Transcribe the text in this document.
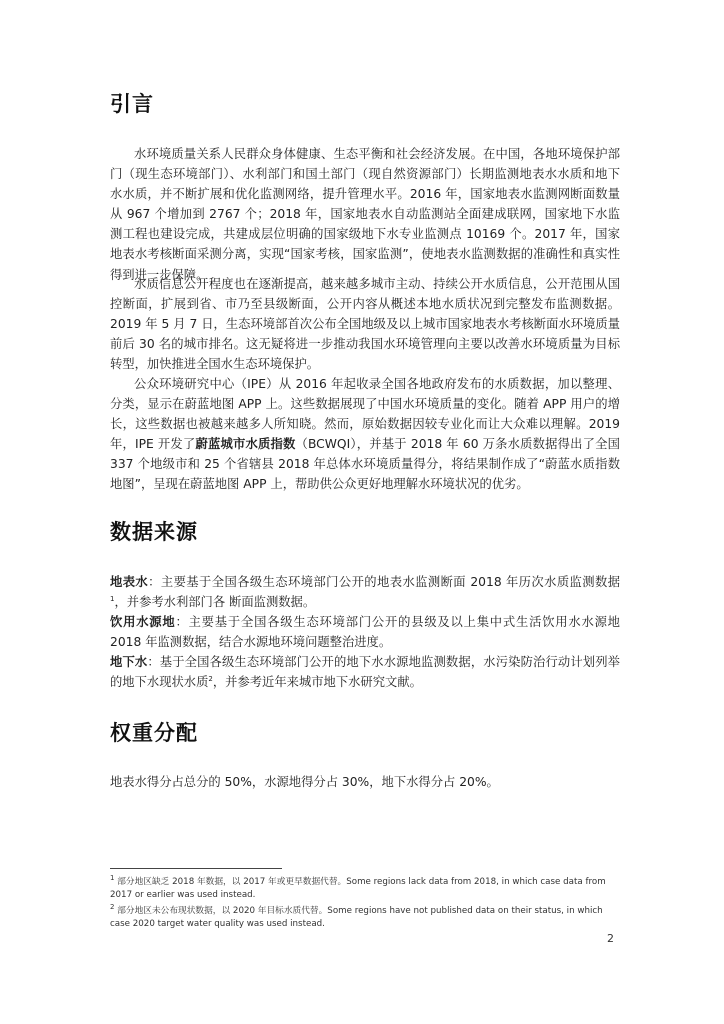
引言

水环境质量关系人民群众身体健康、生态平衡和社会经济发展。在中国，各地环境保护部门（现生态环境部门）、水利部门和国土部门（现自然资源部门）长期监测地表水水质和地下水水质，并不断扩展和优化监测网络，提升管理水平。2016 年，国家地表水监测网断面数量从 967 个增加到 2767 个；2018 年，国家地表水自动监测站全面建成联网，国家地下水监测工程也建设完成，共建成层位明确的国家级地下水专业监测点 10169 个。2017 年，国家地表水考核断面采测分离，实现“国家考核，国家监测”，使地表水监测数据的准确性和真实性得到进一步保障。

水质信息公开程度也在逐渐提高，越来越多城市主动、持续公开水质信息，公开范围从国控断面，扩展到省、市乃至县级断面，公开内容从概述本地水质状况到完整发布监测数据。2019 年 5 月 7 日，生态环境部首次公布全国地级及以上城市国家地表水考核断面水环境质量前后 30 名的城市排名。这无疑将进一步推动我国水环境管理向主要以改善水环境质量为目标转型，加快推进全国水生态环境保护。

公众环境研究中心（IPE）从 2016 年起收录全国各地政府发布的水质数据，加以整理、分类，显示在蔚蓝地图 APP 上。这些数据展现了中国水环境质量的变化。随着 APP 用户的增长，这些数据也被越来越多人所知晓。然而，原始数据因较专业化而让大众难以理解。2019 年，IPE 开发了蔚蓝城市水质指数（BCWQI），并基于 2018 年 60 万条水质数据得出了全国 337 个地级市和 25 个省辖县 2018 年总体水环境质量得分，将结果制作成了“蔚蓝水质指数地图”，呈现在蔚蓝地图 APP 上，帮助供公众更好地理解水环境状况的优劣。

数据来源

地表水：主要基于全国各级生态环境部门公开的地表水监测断面 2018 年历次水质监测数据$^1$，并参考水利部门各 断面监测数据。

饮用水源地：主要基于全国各级生态环境部门公开的县级及以上集中式生活饮用水水源地 2018 年监测数据，结合水源地环境问题整治进度。

地下水：基于全国各级生态环境部门公开的地下水水源地监测数据，水污染防治行动计划列举的地下水现状水质$^2$，并参考近年来城市地下水研究文献。

权重分配

地表水得分占总分的 50%，水源地得分占 30%，地下水得分占 20%。

$^1$ 部分地区缺乏 2018 年数据，以 2017 年或更早数据代替。Some regions lack data from 2018, in which case data from 2017 or earlier was used instead.

$^2$ 部分地区未公布现状数据，以 2020 年目标水质代替。Some regions have not published data on their status, in which case 2020 target water quality was used instead.

2
